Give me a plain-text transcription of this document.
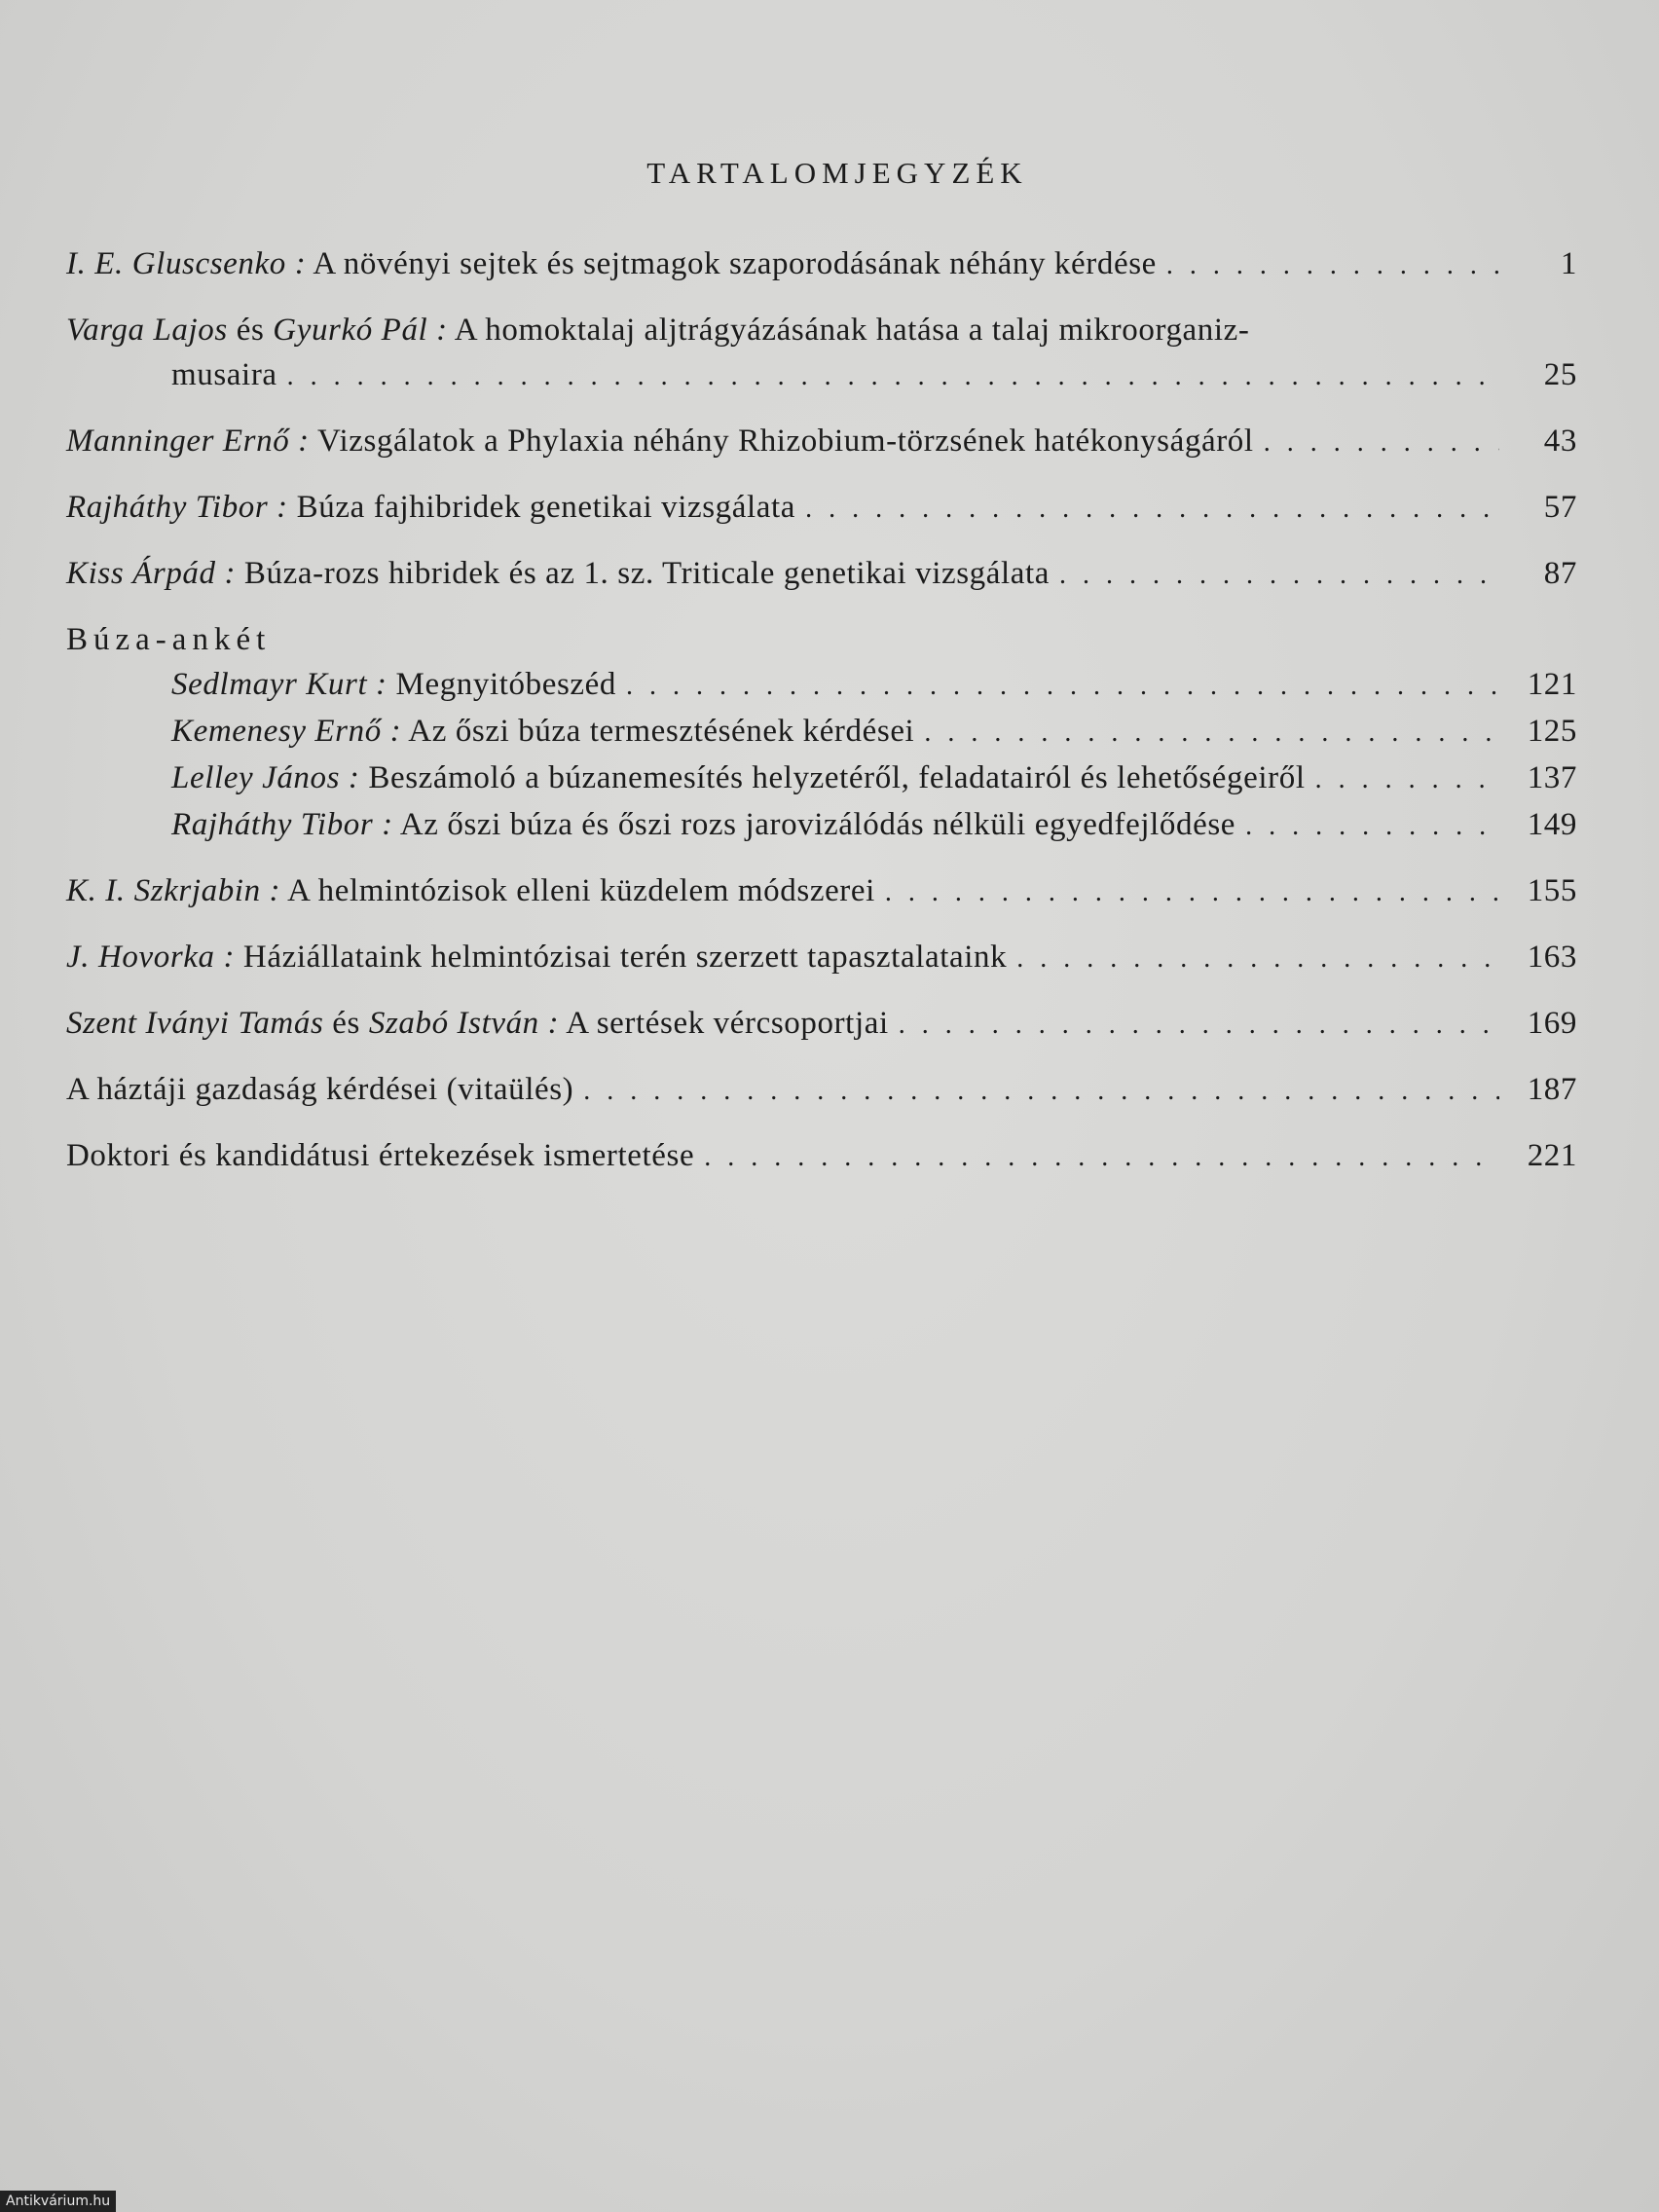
TARTALOMJEGYZÉK
I. E. Gluscsenko : A növényi sejtek és sejtmagok szaporodásának néhány kérdése . . .	1
Varga Lajos és Gyurkó Pál : A homoktalaj aljtrágyázásának hatása a talaj mikroorganiz-
musaira . . .	25
Manninger Ernő : Vizsgálatok a Phylaxia néhány Rhizobium-törzsének hatékonyságáról . . .	43
Rajháthy Tibor : Búza fajhibridek genetikai vizsgálata . . .	57
Kiss Árpád : Búza-rozs hibridek és az 1. sz. Triticale genetikai vizsgálata . . .	87
Búza-ankét
Sedlmayr Kurt : Megnyitóbeszéd . . .	121
Kemenesy Ernő : Az őszi búza termesztésének kérdései . . .	125
Lelley János : Beszámoló a búzanemesítés helyzetéről, feladatairól és lehetőségeiről . . .	137
Rajháthy Tibor : Az őszi búza és őszi rozs jarovizálódás nélküli egyedfejlődése . . .	149
K. I. Szkrjabin : A helmintózisok elleni küzdelem módszerei . . .	155
J. Hovorka : Háziállataink helmintózisai terén szerzett tapasztalataink . . .	163
Szent Iványi Tamás és Szabó István : A sertések vércsoportjai . . .	169
A háztáji gazdaság kérdései (vitaülés) . . .	187
Doktori és kandidátusi értekezések ismertetése . . .	221
Antikvárium.hu
